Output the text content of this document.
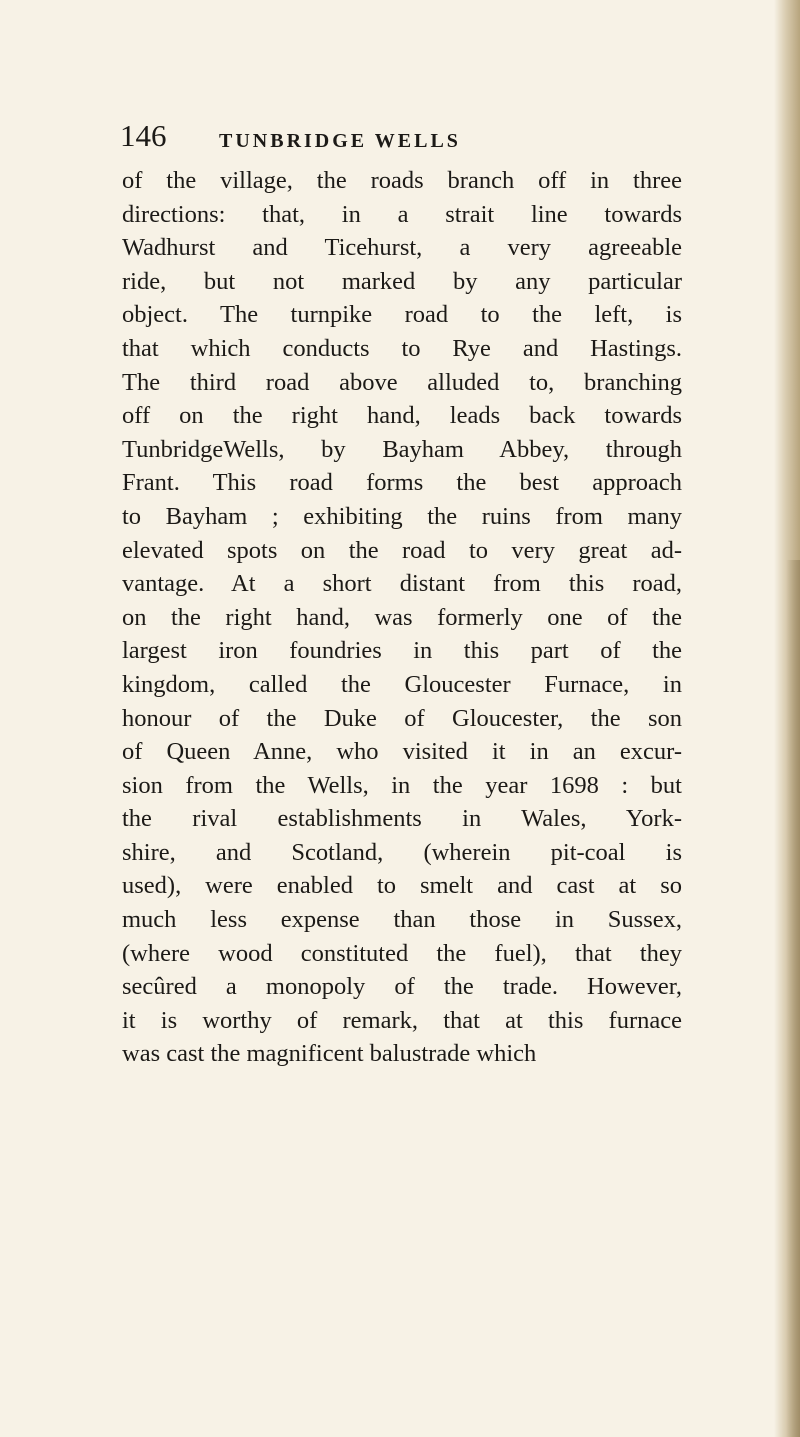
146	TUNBRIDGE WELLS
of the village, the roads branch off in three
directions: that, in a strait line towards
Wadhurst and Ticehurst, a very agreeable
ride, but not marked by any particular
object. The turnpike road to the left, is
that which conducts to Rye and Hastings.
The third road above alluded to, branching
off on the right hand, leads back towards
TunbridgeWells, by Bayham Abbey, through
Frant. This road forms the best approach
to Bayham ; exhibiting the ruins from many
elevated spots on the road to very great ad-
vantage. At a short distant from this road,
on the right hand, was formerly one of the
largest iron foundries in this part of the
kingdom, called the Gloucester Furnace, in
honour of the Duke of Gloucester, the son
of Queen Anne, who visited it in an excur-
sion from the Wells, in the year 1698 : but
the rival establishments in Wales, York-
shire, and Scotland, (wherein pit-coal is
used), were enabled to smelt and cast at so
much less expense than those in Sussex,
(where wood constituted the fuel), that they
secûred a monopoly of the trade. However,
it is worthy of remark, that at this furnace
was cast the magnificent balustrade which
